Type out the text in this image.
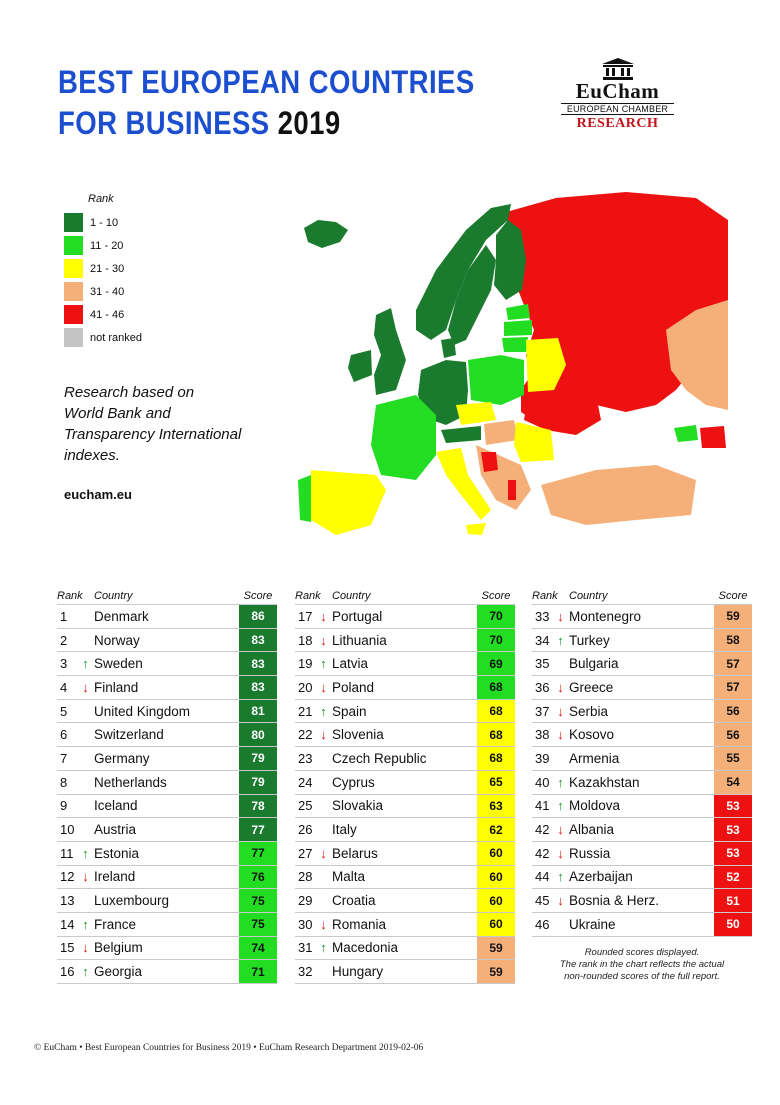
BEST EUROPEAN COUNTRIES
FOR BUSINESS 2019
EuCham
EUROPEAN CHAMBER
RESEARCH
Rank
1 - 10
11 - 20
21 - 30
31 - 40
41 - 46
not ranked
Research based on
World Bank and
Transparency International
indexes.
eucham.eu
Rank	Country	Score
1	Denmark	86
2	Norway	83
3	↑ Sweden	83
4	↓ Finland	83
5	United Kingdom	81
6	Switzerland	80
7	Germany	79
8	Netherlands	79
9	Iceland	78
10 Austria	77
11 ↑ Estonia	77
12 ↓ Ireland	76
13 Luxembourg	75
14 ↑ France	75
15 ↓ Belgium	74
16 ↑ Georgia	71
Rank	Country	Score
17 ↓ Portugal	70
18 ↓ Lithuania	70
19 ↑ Latvia	69
20 ↓ Poland	68
21 ↑ Spain	68
22 ↓ Slovenia	68
23 Czech Republic	68
24 Cyprus	65
25 Slovakia	63
26 Italy	62
27 ↓ Belarus	60
28 Malta	60
29 Croatia	60
30 ↓ Romania	60
31 ↑ Macedonia	59
32 Hungary	59
Rank	Country	Score
33 ↓ Montenegro	59
34 ↑ Turkey	58
35 Bulgaria	57
36 ↓ Greece	57
37 ↓ Serbia	56
38 ↓ Kosovo	56
39 Armenia	55
40 ↑ Kazakhstan	54
41 ↑ Moldova	53
42 ↓ Albania	53
42 ↓ Russia	53
44 ↑ Azerbaijan	52
45 ↓ Bosnia & Herz.	51
46 Ukraine	50
Rounded scores displayed.
The rank in the chart reflects the actual
non-rounded scores of the full report.
© EuCham • Best European Countries for Business 2019 • EuCham Research Department 2019-02-06
